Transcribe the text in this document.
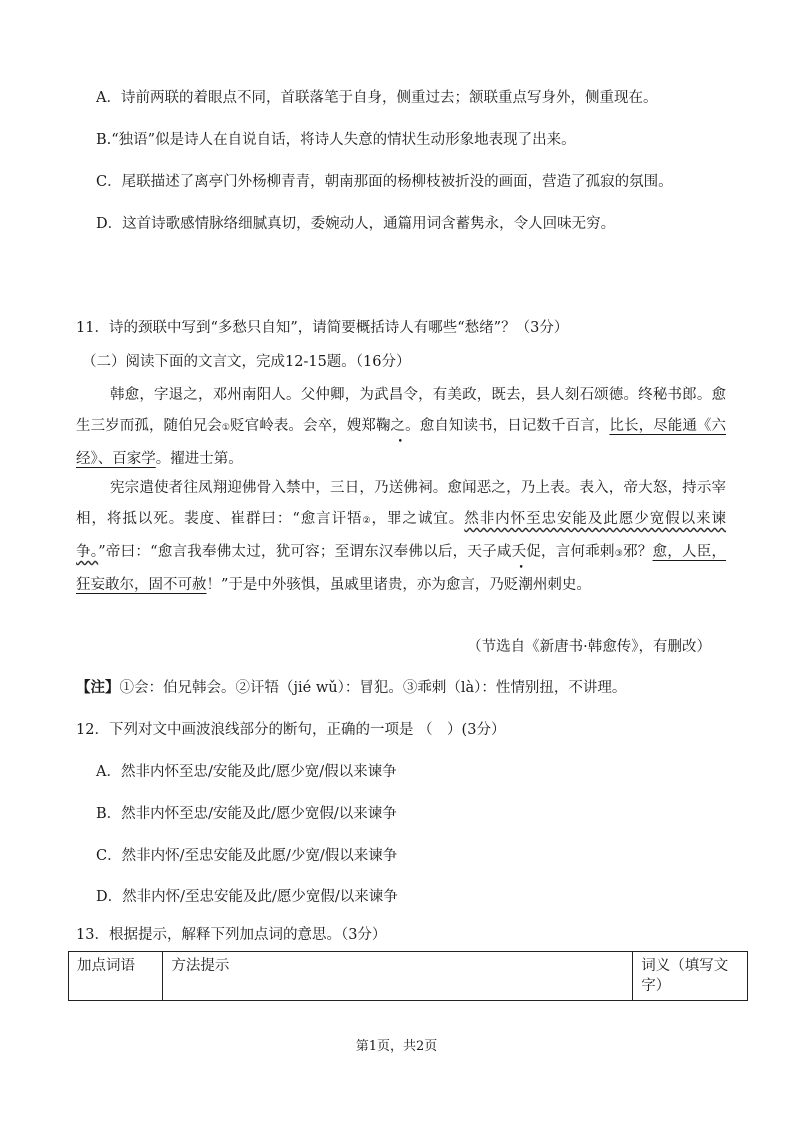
A．诗前两联的着眼点不同，首联落笔于自身，侧重过去；颔联重点写身外，侧重现在。
B.“独语”似是诗人在自说自话，将诗人失意的情状生动形象地表现了出来。
C．尾联描述了离亭门外杨柳青青，朝南那面的杨柳枝被折没的画面，营造了孤寂的氛围。
D．这首诗歌感情脉络细腻真切，委婉动人，通篇用词含蓄隽永，令人回味无穷。
11．诗的颈联中写到“多愁只自知”，请简要概括诗人有哪些“愁绪”？（3分）
（二）阅读下面的文言文，完成12-15题。（16分）
韩愈，字退之，邓州南阳人。父仲卿，为武昌令，有美政，既去，县人刻石颂德。终秘书郎。愈生三岁而孤，随伯兄会①贬官岭表。会卒，嫂郑鞠之。愈自知读书，日记数千百言，比长，尽能通《六经》、百家学。擢进士第。
宪宗遣使者往凤翔迎佛骨入禁中，三日，乃送佛祠。愈闻恶之，乃上表。表入，帝大怒，持示宰相，将抵以死。裴度、崔群曰：“愈言讦牾②，罪之诚宜。然非内怀至忠安能及此愿少宽假以来谏争。”帝曰：“愈言我奉佛太过，犹可容；至谓东汉奉佛以后，天子咸夭促，言何乖剌③邪？愈，人臣，狂妄敢尔，固不可赦！”于是中外骇惧，虽戚里诸贵，亦为愈言，乃贬潮州刺史。
（节选自《新唐书·韩愈传》，有删改）
【注】①会：伯兄韩会。②讦牾（jié wǔ）：冒犯。③乖剌（là）：性情别扭，不讲理。
12．下列对文中画波浪线部分的断句，正确的一项是 （　）(3分）
A．然非内怀至忠/安能及此/愿少宽/假以来谏争
B．然非内怀至忠/安能及此/愿少宽假/以来谏争
C．然非内怀/至忠安能及此愿/少宽/假以来谏争
D．然非内怀/至忠安能及此/愿少宽假/以来谏争
13．根据提示，解释下列加点词的意思。（3分）
加点词语	方法提示	词义（填写文字）
第1页，共2页
